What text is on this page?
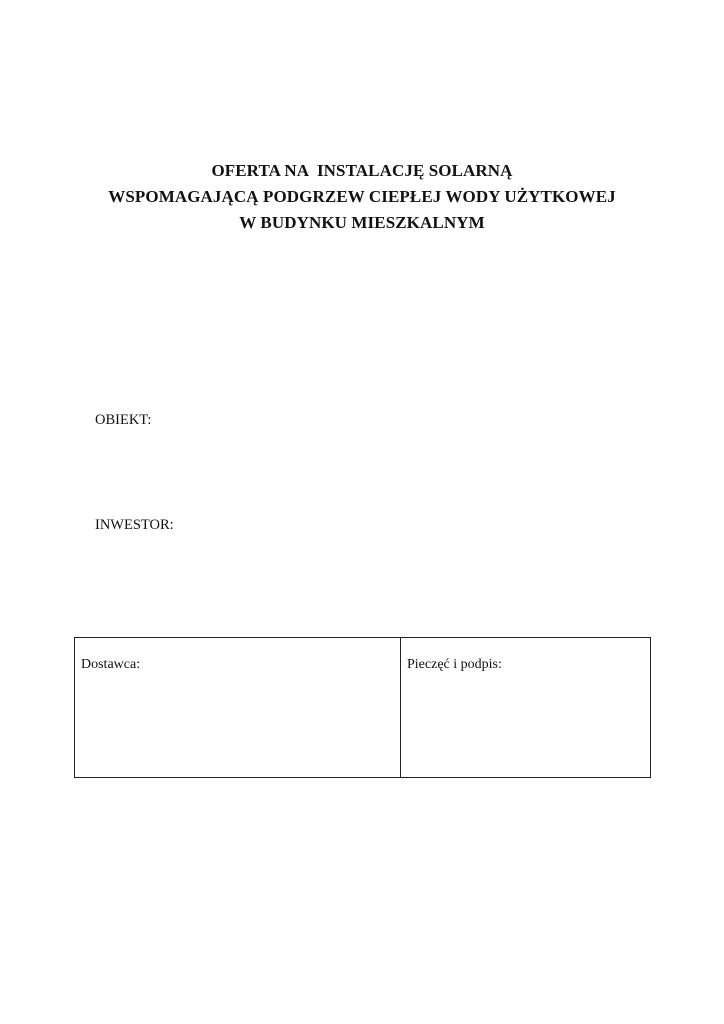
OFERTA NA  INSTALACJĘ SOLARNĄ
WSPOMAGAJĄCĄ PODGRZEW CIEPŁEJ WODY UŻYTKOWEJ
W BUDYNKU MIESZKALNYM
OBIEKT:
INWESTOR:
Dostawca:	Pieczęć i podpis:
